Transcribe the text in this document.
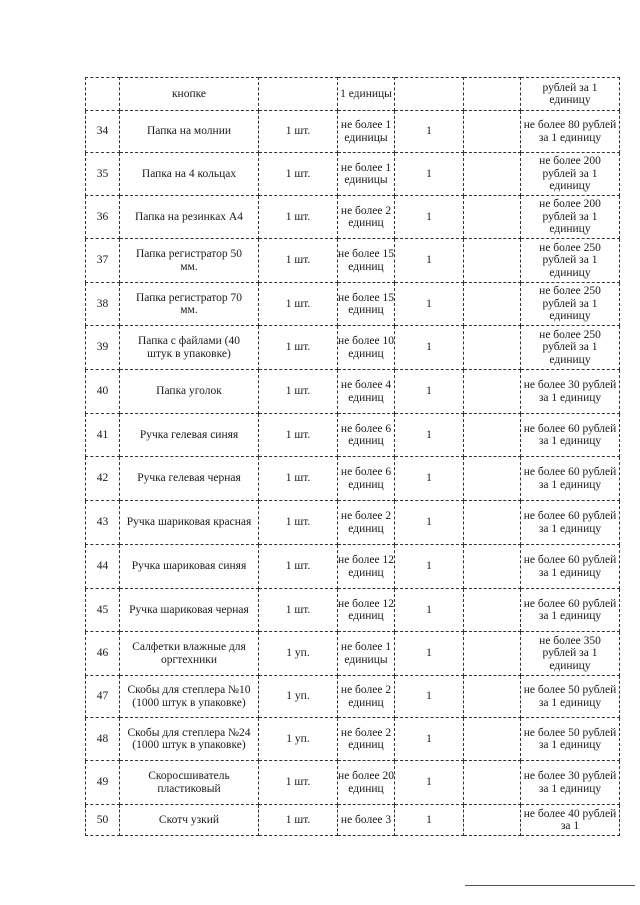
	кнопке		1 единицы			рублей за 1 единицу

34	Папка на молнии	1 шт.	не более 1 единицы	1		не более 80 рублей за 1 единицу

35	Папка на 4 кольцах	1 шт.	не более 1 единицы	1		не более 200 рублей за 1 единицу

36	Папка на резинках А4	1 шт.	не более 2 единиц	1		не более 200 рублей за 1 единицу

37	Папка регистратор 50 мм.	1 шт.	не более 15 единиц	1		не более 250 рублей за 1 единицу

38	Папка регистратор 70 мм.	1 шт.	не более 15 единиц	1		не более 250 рублей за 1 единицу

39	Папка с файлами (40 штук в упаковке)	1 шт.	не более 10 единиц	1		не более 250 рублей за 1 единицу

40	Папка уголок	1 шт.	не более 4 единиц	1		не более 30 рублей за 1 единицу

41	Ручка гелевая синяя	1 шт.	не более 6 единиц	1		не более 60 рублей за 1 единицу

42	Ручка гелевая черная	1 шт.	не более 6 единиц	1		не более 60 рублей за 1 единицу

43	Ручка шариковая красная	1 шт.	не более 2 единиц	1		не более 60 рублей за 1 единицу

44	Ручка шариковая синяя	1 шт.	не более 12 единиц	1		не более 60 рублей за 1 единицу

45	Ручка шариковая черная	1 шт.	не более 12 единиц	1		не более 60 рублей за 1 единицу

46	Салфетки влажные для оргтехники	1 уп.	не более 1 единицы	1		не более 350 рублей за 1 единицу

47	Скобы для степлера №10 (1000 штук в упаковке)	1 уп.	не более 2 единиц	1		не более 50 рублей за 1 единицу

48	Скобы для степлера №24 (1000 штук в упаковке)	1 уп.	не более 2 единиц	1		не более 50 рублей за 1 единицу

49	Скоросшиватель пластиковый	1 шт.	не более 20 единиц	1		не более 30 рублей за 1 единицу

50	Скотч узкий	1 шт.	не более 3	1		не более 40 рублей за 1
